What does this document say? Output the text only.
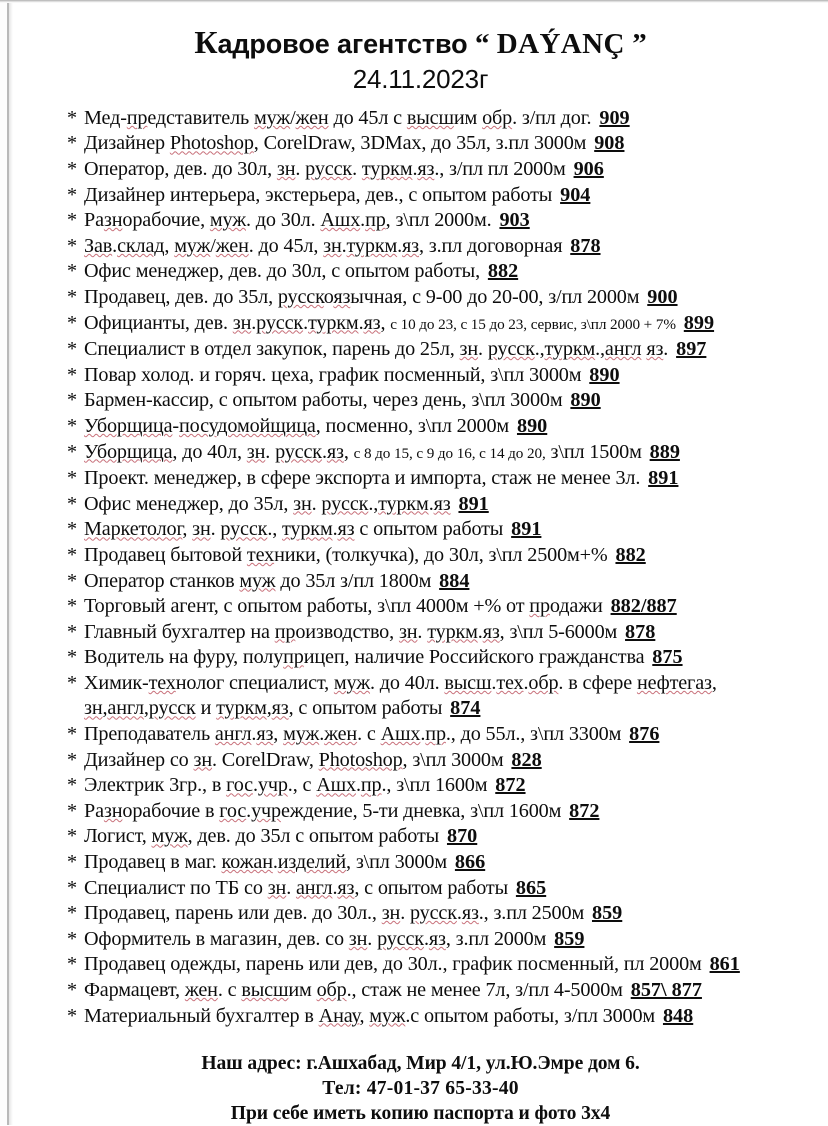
Кадровое агентство “ DAÝANÇ ”
24.11.2023г
* Мед-представитель муж/жен до 45л с высшим обр. з/пл дог. 909
* Дизайнер Photoshop, CorelDraw, 3DMax, до 35л, з.пл 3000м 908
* Оператор, дев. до 30л, зн. русск. туркм.яз., з/пл пл 2000м 906
* Дизайнер интерьера, экстерьера, дев., с опытом работы 904
* Разнорабочие, муж. до 30л. Ашх.пр, з\пл 2000м. 903
* Зав.склад, муж/жен. до 45л, зн.туркм.яз, з.пл договорная 878
* Офис менеджер, дев. до 30л, с опытом работы, 882
* Продавец, дев. до 35л, русскоязычная, с 9-00 до 20-00, з/пл 2000м 900
* Официанты, дев. зн.русск.туркм.яз, с 10 до 23, с 15 до 23, сервис, з\пл 2000 + 7% 899
* Специалист в отдел закупок, парень до 25л, зн. русск.,туркм.,англ яз. 897
* Повар холод. и горяч. цеха, график посменный, з\пл 3000м 890
* Бармен-кассир, с опытом работы, через день, з\пл 3000м 890
* Уборщица-посудомойщица, посменно, з\пл 2000м 890
* Уборщица, до 40л, зн. русск.яз, с 8 до 15, с 9 до 16, с 14 до 20, з\пл 1500м 889
* Проект. менеджер, в сфере экспорта и импорта, стаж не менее 3л. 891
* Офис менеджер, до 35л, зн. русск.,туркм.яз 891
* Маркетолог, зн. русск., туркм.яз с опытом работы 891
* Продавец бытовой техники, (толкучка), до 30л, з\пл 2500м+% 882
* Оператор станков муж до 35л з/пл 1800м 884
* Торговый агент, с опытом работы, з\пл 4000м +% от продажи 882/887
* Главный бухгалтер на производство, зн. туркм.яз, з\пл 5-6000м 878
* Водитель на фуру, полуприцеп, наличие Российского гражданства 875
* Химик-технолог специалист, муж. до 40л. высш.тех.обр. в сфере нефтегаз,
зн,англ,русск и туркм,яз, с опытом работы 874
* Преподаватель англ.яз, муж.жен. с Ашх.пр., до 55л., з\пл 3300м 876
* Дизайнер со зн. CorelDraw, Photoshop, з\пл 3000м 828
* Электрик 3гр., в гос.учр., с Ашх.пр., з\пл 1600м 872
* Разнорабочие в гос.учреждение, 5-ти дневка, з\пл 1600м 872
* Логист, муж, дев. до 35л с опытом работы 870
* Продавец в маг. кожан.изделий, з\пл 3000м 866
* Специалист по ТБ со зн. англ.яз, с опытом работы 865
* Продавец, парень или дев. до 30л., зн. русск.яз., з.пл 2500м 859
* Оформитель в магазин, дев. со зн. русск.яз, з.пл 2000м 859
* Продавец одежды, парень или дев, до 30л., график посменный, пл 2000м 861
* Фармацевт, жен. с высшим обр., стаж не менее 7л, з/пл 4-5000м 857\ 877
* Материальный бухгалтер в Анау, муж.с опытом работы, з/пл 3000м 848
Наш адрес: г.Ашхабад, Мир 4/1, ул.Ю.Эмре дом 6.
Тел: 47-01-37 65-33-40
При себе иметь копию паспорта и фото 3х4
